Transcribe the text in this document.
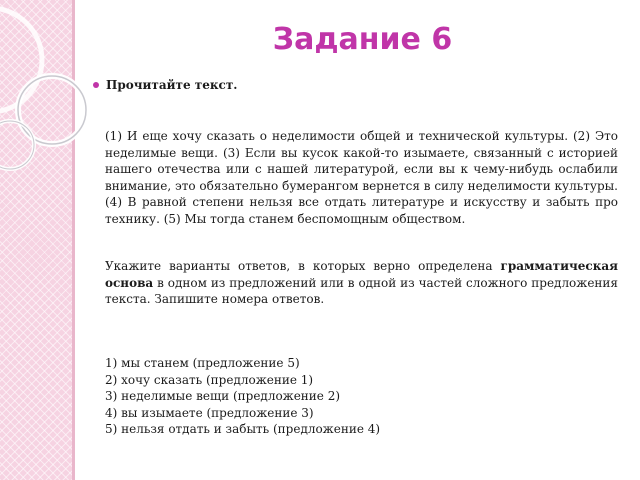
Задание 6
Прочитайте текст.

(1) И еще хочу сказать о неделимости общей и технической культуры. (2) Это неделимые вещи. (3) Если вы кусок какой-то изымаете, связанный с историей нашего отечества или с нашей литературой, если вы к чему-нибудь ослабили внимание, это обязательно бумерангом вернется в силу неделимости культуры. (4) В равной степени нельзя все отдать литературе и искусству и забыть про технику. (5) Мы тогда станем беспомощным обществом.

Укажите варианты ответов, в которых верно определена грамматическая основа в одном из предложений или в одной из частей сложного предложения текста. Запишите номера ответов.

1) мы станем (предложение 5)
2) хочу сказать (предложение 1)
3) неделимые вещи (предложение 2)
4) вы изымаете (предложение 3)
5) нельзя отдать и забыть (предложение 4)
